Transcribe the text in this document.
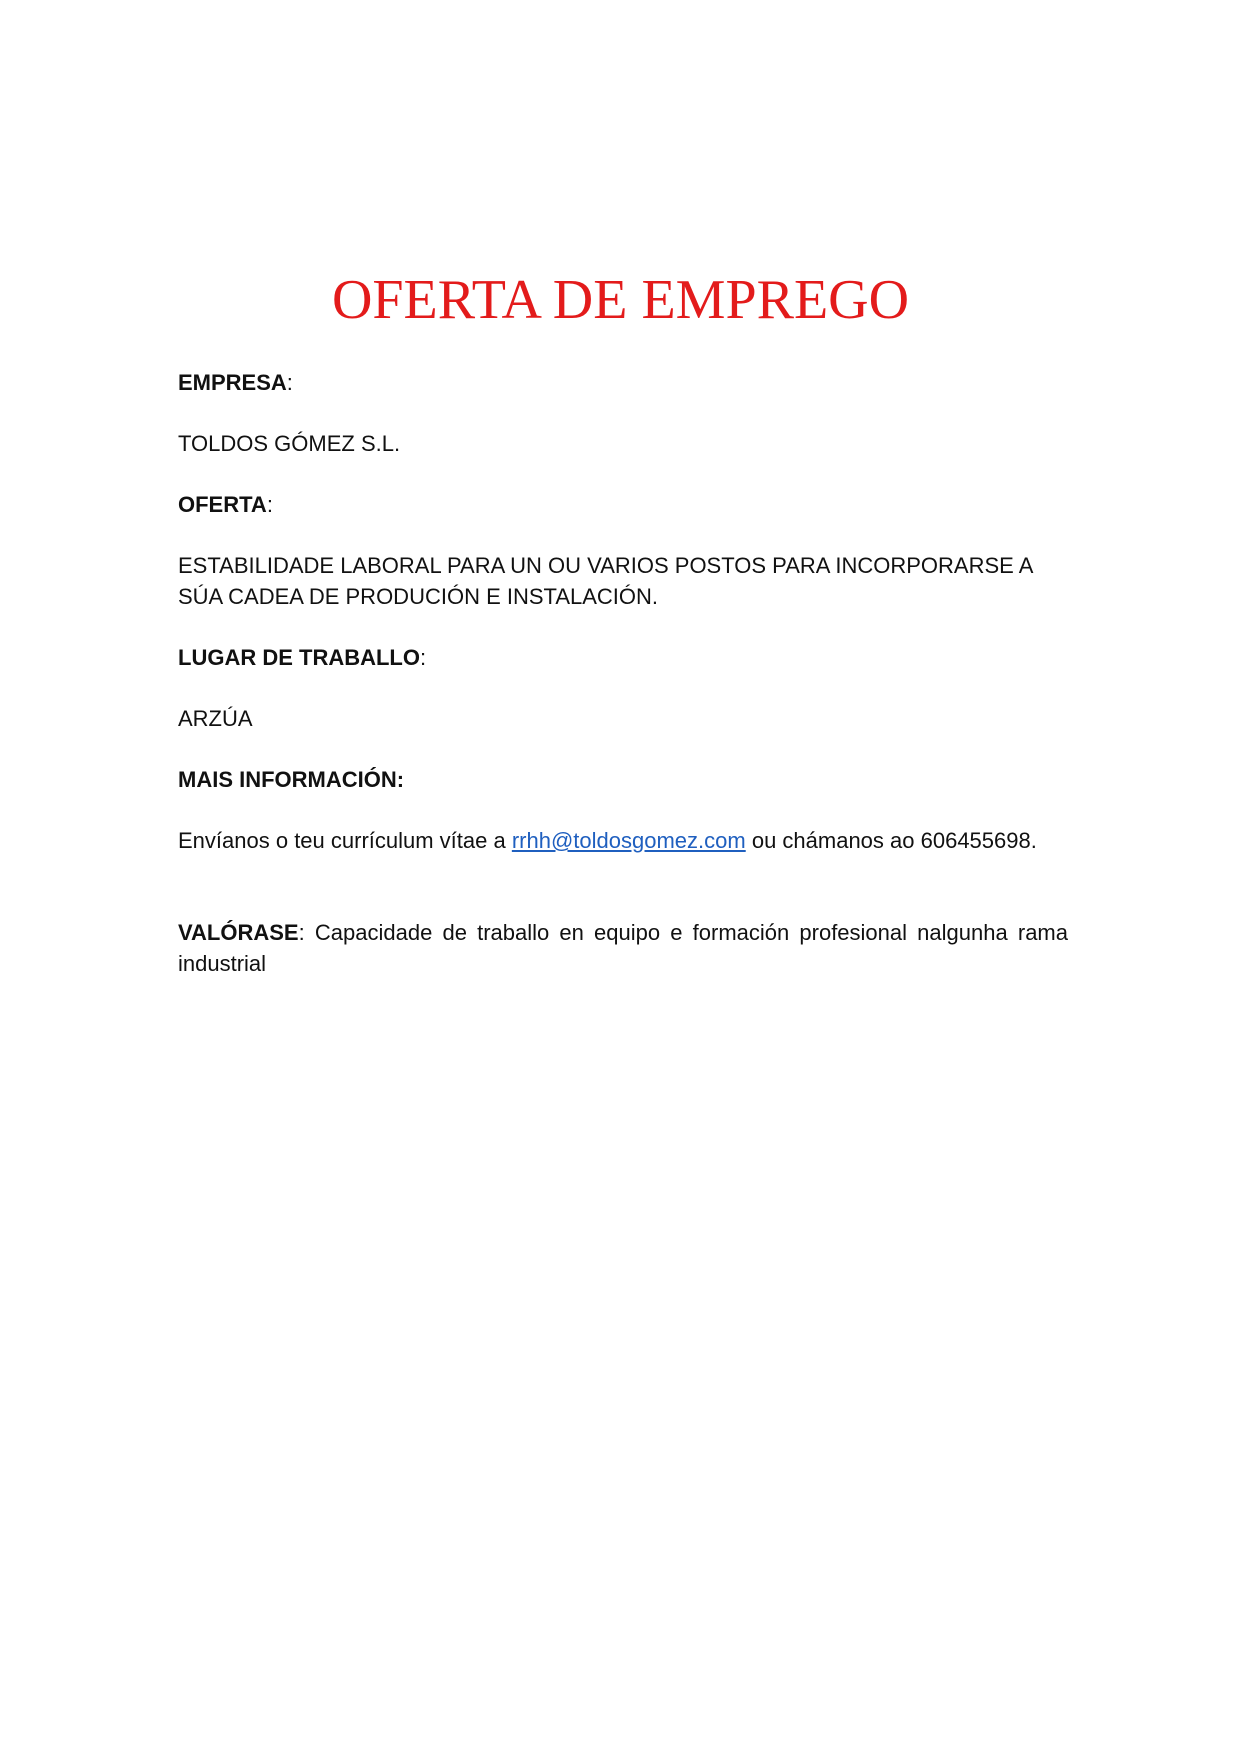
OFERTA DE EMPREGO

EMPRESA:

TOLDOS GÓMEZ S.L.

OFERTA:

ESTABILIDADE LABORAL PARA UN OU VARIOS POSTOS PARA INCORPORARSE A SÚA CADEA DE PRODUCIÓN E INSTALACIÓN.

LUGAR DE TRABALLO:

ARZÚA

MAIS INFORMACIÓN:

Envíanos o teu currículum vítae a rrhh@toldosgomez.com ou chámanos ao 606455698.

VALÓRASE: Capacidade de traballo en equipo e formación profesional nalgunha rama industrial
